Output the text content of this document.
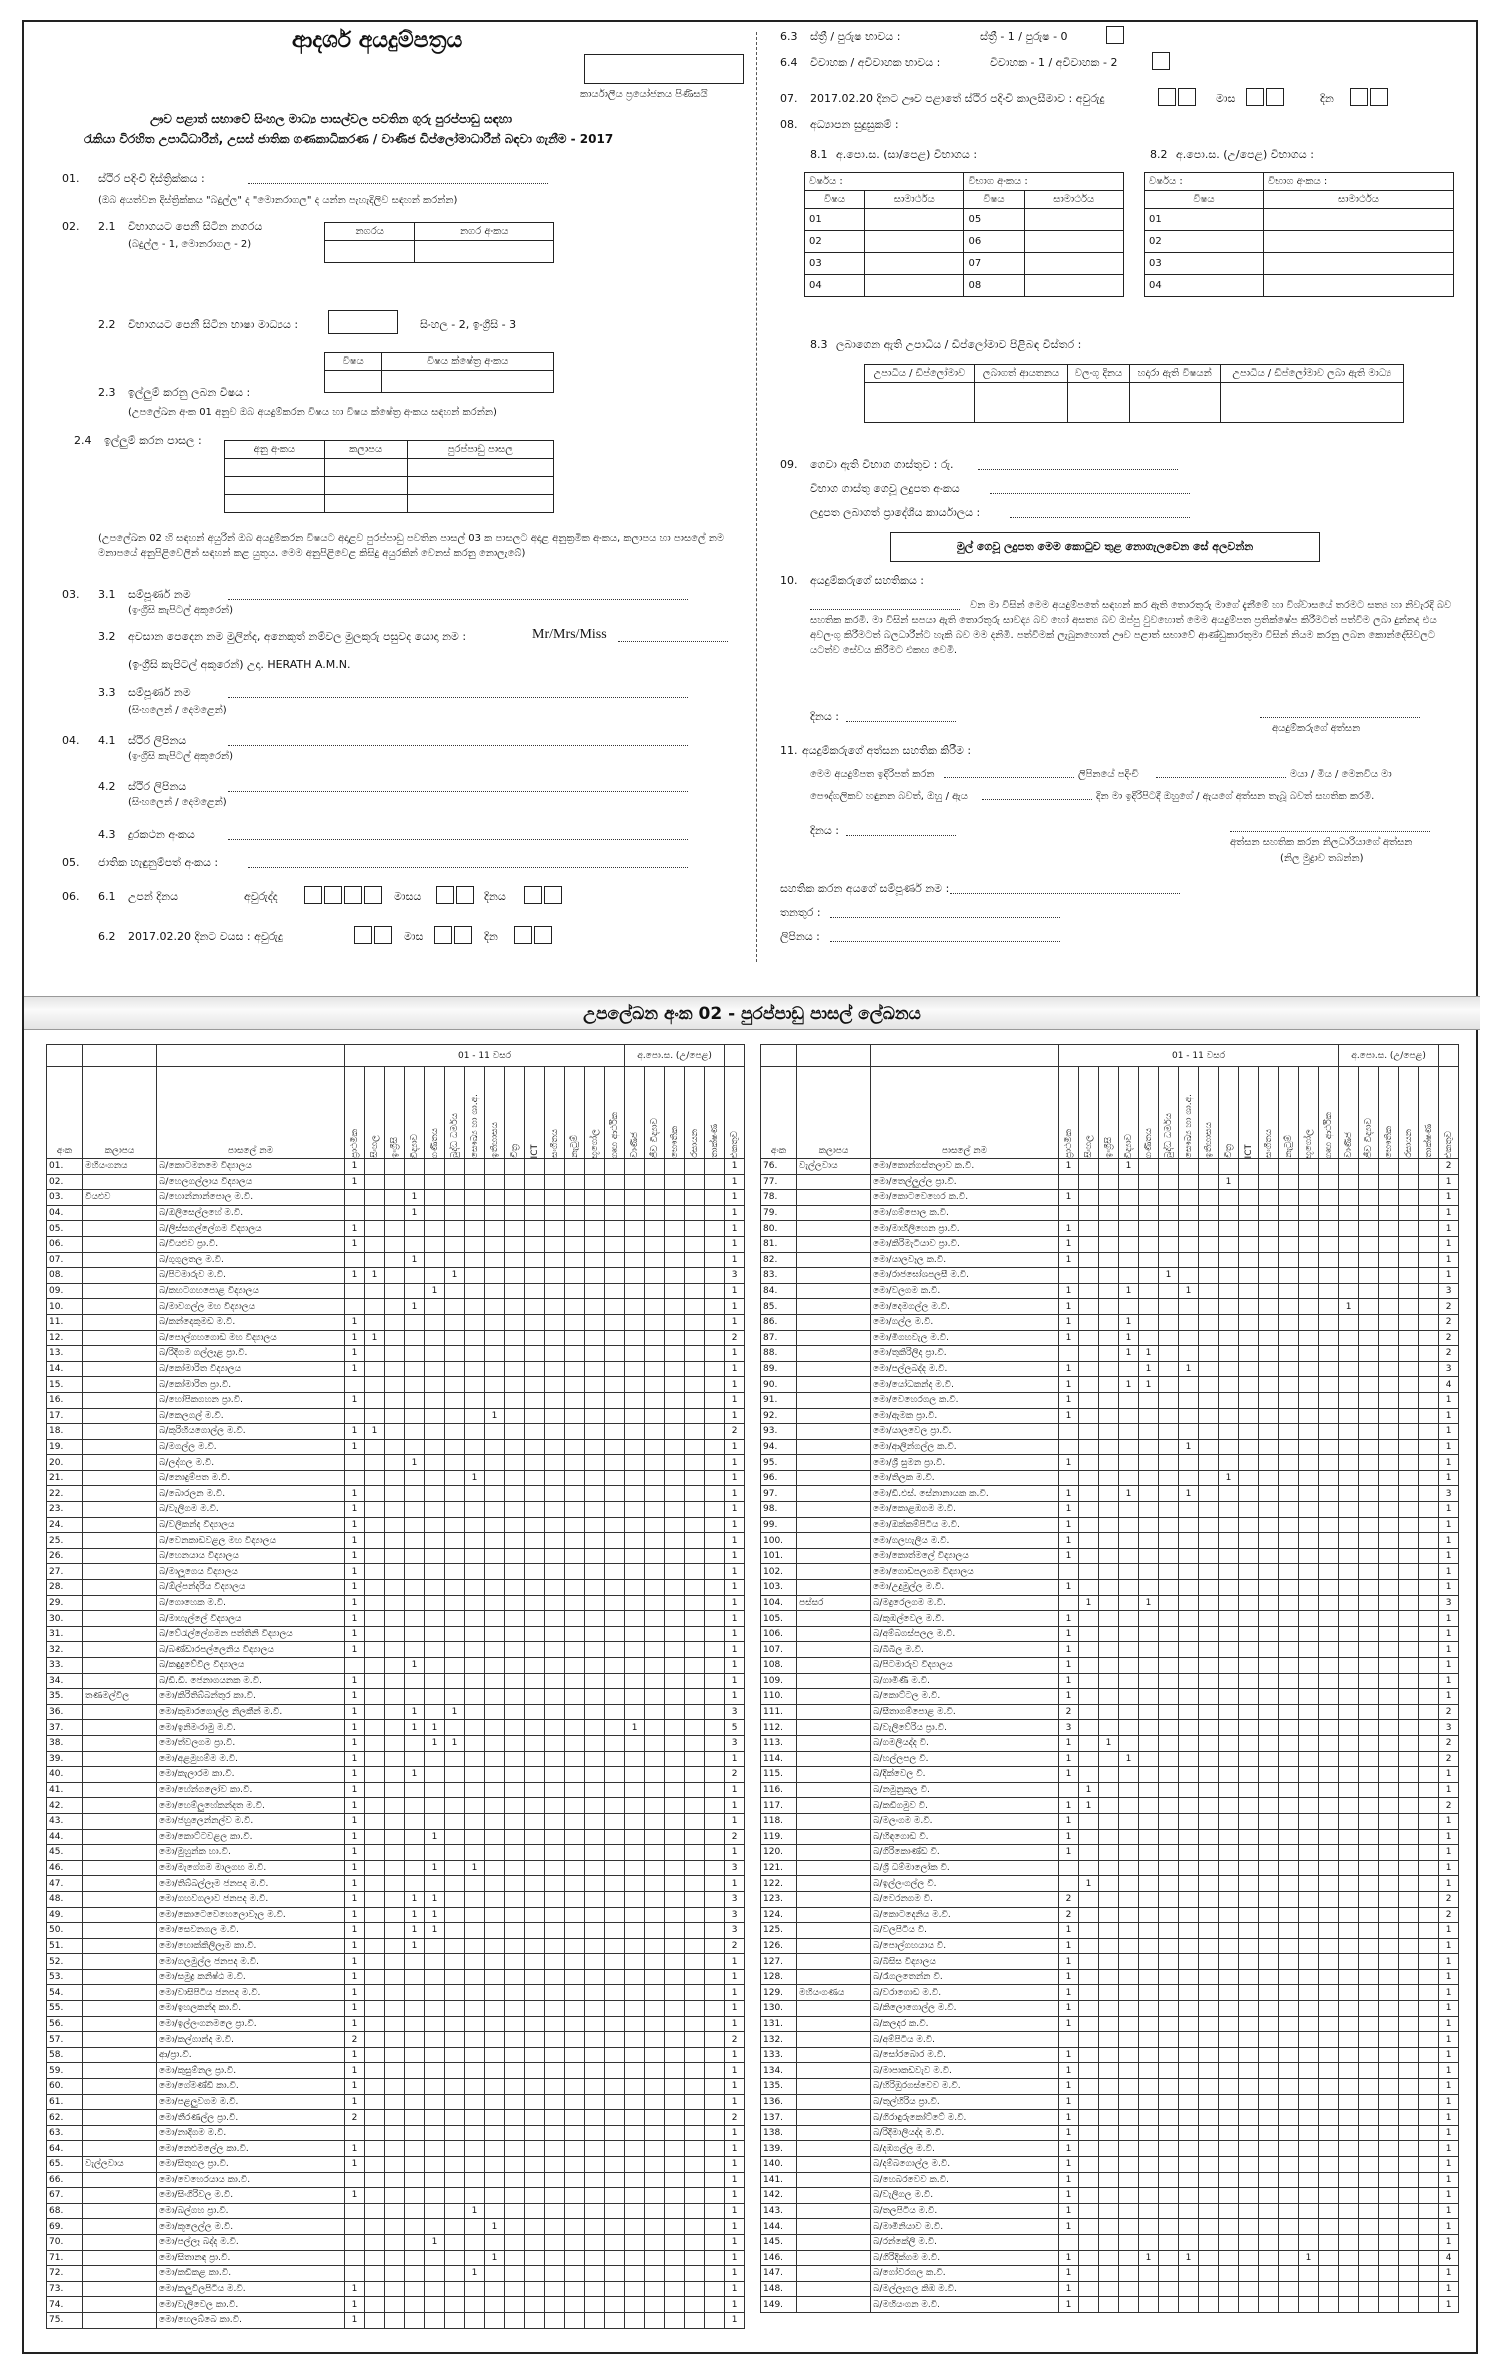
ආදර්ශ අයදුම්පත්‍රය
කාර්යාලීය ප්‍රයෝජනය පිණිසයි
ඌව පළාත් සභාවේ සිංහල මාධ්‍ය පාසල්වල පවතින ගුරු පුරප්පාඩු සඳහා
රැකියා විරහිත උපාධිධාරීන්, උසස් ජාතික ගණකාධිකරණ / වාණිජ ඩිප්ලෝමාධාරීන් බඳවා ගැනීම - 2017
01. ස්ථිර පදිංචි දිස්ත්‍රික්කය :
(ඔබ අයත්වන දිස්ත්‍රික්කය "බදුල්ල" ද "මොනරාගල" ද යන්න පැහැදිලිව සඳහන් කරන්න)
02. 2.1 විභාගයට පෙනී සිටින නගරය
(බදුල්ල - 1, මොනරාගල - 2)
නගරය	නගර අංකය

2.2 විභාගයට පෙනී සිටින භාෂා මාධ්‍යය :	සිංහල - 2, ඉංග්‍රීසි - 3
විෂය	විෂය ක්ෂේත්‍ර අංකය

2.3 ඉල්ලුම් කරනු ලබන විෂය :
(උපලේඛන අංක 01 අනුව ඔබ අයදුම්කරන විෂය හා විෂය ක්ෂේත්‍ර අංකය සඳහන් කරන්න)
2.4 ඉල්ලුම් කරන පාසල :
අනු අංකය	කලාපය	පුරප්පාඩු පාසල

(උපලේඛන 02 හි සඳහන් අයුරින් ඔබ අයදුම්කරන විෂයට අදාළව පුරප්පාඩු පවතින පාසල් 03 ක පාසලට අදාළ අනුක්‍රමික අංකය, කලාපය හා පාසලේ නම මනාපයේ අනුපිළිවෙලින් සඳහන් කළ යුතුය. මෙම අනුපිළිවෙළ කිසිදු අයුරකින් වෙනස් කරනු නොලැබේ)
03. 3.1 සම්පූර්ණ නම
(ඉංග්‍රීසි කැපිටල් අකුරෙන්)
3.2 අවසාන පෙදෙන නම මුලින්ද, අනෙකුත් නම්වල මුලකුරු පසුවද යොදා නම :	Mr/Mrs/Miss
(ඉංග්‍රීසි කැපිටල් අකුරෙන්) උදා. HERATH A.M.N.
3.3 සම්පූර්ණ නම
(සිංහලෙන් / දෙමළෙන්)
04. 4.1 ස්ථිර ලිපිනය
(ඉංග්‍රීසි කැපිටල් අකුරෙන්)
4.2 ස්ථිර ලිපිනය
(සිංහලෙන් / දෙමළෙන්)
4.3 දුරකථන අංකය
05. ජාතික හැඳුනුම්පත් අංකය :
06. 6.1 උපන් දිනය	අවුරුද්ද	මාසය	දිනය
6.2 2017.02.20 දිනට වයස : අවුරුදු	මාස	දින
6.3 ස්ත්‍රී / පුරුෂ භාවය :	ස්ත්‍රී - 1 / පුරුෂ - 0
6.4 විවාහක / අවිවාහක භාවය :	විවාහක - 1 / අවිවාහක - 2
07. 2017.02.20 දිනට ඌව පළාතේ ස්ථිර පදිංචි කාලසීමාව : අවුරුදු	මාස	දින
08. අධ්‍යාපන සුදුසුකම් :
8.1 අ.පො.ස. (සා/පෙළ) විභාගය :	8.2 අ.පො.ස. (උ/පෙළ) විභාගය :
වර්ෂය :		විභාග අංකය :	
විෂය	සාමාර්ථය	විෂය	සාමාර්ථය
01		05	
02		06	
03		07	
04		08	
වර්ෂය :	විභාග අංකය :
විෂය	සාමාර්ථය
01	
02	
03	
04	
8.3 ලබාගෙන ඇති උපාධිය / ඩිප්ලෝමාව පිළිබඳ විස්තර :
උපාධිය / ඩිප්ලෝමාව	ලබාගත් ආයතනය	වලංගු දිනය	හදාරා ඇති විෂයන්	උපාධිය / ඩිප්ලෝමාව ලබා ඇති මාධ්‍ය

09. ගෙවා ඇති විභාග ගාස්තුව : රු.
විභාග ගාස්තු ගෙවූ ලදුපත අංකය
ලදුපත ලබාගත් ප්‍රාදේශීය කාර්යාලය :
මුල් ගෙවූ ලදුපත මෙම කොටුව තුළ නොගැලවෙන සේ අලවන්න
10. අයදුම්කරුගේ සහතිකය :
වන මා විසින් මෙම අයදුම්පතේ සඳහන් කර ඇති තොරතුරු මාගේ දැනීමේ හා විශ්වාසයේ තරමට සත්‍ය හා නිවැරදි බව සහතික කරමි. මා විසින් සපයා ඇති තොරතුරු සාවද්‍ය බව හෝ අසත්‍ය බව ඔප්පු වුවහොත් මෙම අයදුම්පත ප්‍රතික්ෂේප කිරීමටත් පත්වීම ලබා දුන්නද එය අවලංගු කිරීමටත් බලධාරීන්ට හැකි බව මම දනිමි. පත්වීමක් ලැබුනහොත් ඌව පළාත් සභාවේ ආණ්ඩුකාරතුමා විසින් නියම කරනු ලබන කොන්දේසිවලට යටත්ව සේවය කිරීමට එකඟ වෙමි.
දිනය :
අයදුම්කරුගේ අත්සන
11. අයදුම්කරුගේ අත්සන සහතික කිරීම :
මෙම අයදුම්පත ඉදිරිපත් කරන	ලිපිනයේ පදිංචි	මයා / මිය / මෙනවිය මා
පෞද්ගලිකව හඳුනන බවත්, ඔහු / ඇය	දින මා ඉදිරිපිටදී ඔහුගේ / ඇයගේ අත්සන තැබූ බවත් සහතික කරමි.
දිනය :
අත්සන සහතික කරන නිලධාරියාගේ අත්සන
(නිල මුද්‍රාව තබන්න)
සහතික කරන අයගේ සම්පූර්ණ නම :
තනතුර :
ලිපිනය :
උපලේඛන අංක 02 - පුරප්පාඩු පාසල් ලේඛනය
			01 - 11 වසර														අ.පො.ස. (උ/පෙළ)					
අංක	කලාපය	පාසලේ නම	ප්‍රාථමික	සිංහල	ඉංග්‍රීසි	විද්‍යාව	ගණිතය	බුද්ධ ධර්මය	සෞඛ්‍ය හා ශා.අ.	ඉතිහාසය	චිත්‍ර	ICT	සංගීතය	නැටුම්	භූගෝල	ගෘහ ආර්ථික	වාණිජ	ජීව විද්‍යාව	භෞතික	රසායන	තාක්ෂණ	එකතුව

01.	මහියංගනය	බ/කොටමනමෙ විද්‍යාලය	1																			1
02.		බ/හෙලගල්ලාය විද්‍යාලය	1																			1
03.	වියළුව	බ/හොන්නාන්පොල ම.වි.				1																1
04.		බ/ඔලිසෙල්ලහේ ම.වි.				1																1
05.		බ/ලිස්සගල්ලේගම විද්‍යාලය	1																			1
06.		බ/වියළුව ප්‍රා.වි.	1																			1
07.		බ/ගුගුලතල ම.වි.				1																1
08.		බ/පිටමාරුව ම.වි.	1	1				1														3
09.		බ/කහටගහපොළ විද්‍යාලය					1															1
10.		බ/මාවගල්ල මහ විද්‍යාලය				1																1
11.		බ/කන්දෙකුමඩ ම.වි.	1																			1
12.		බ/පොල්ගහගොඩ මහ විද්‍යාලය	1	1																		2
13.		බ/රිදීගම ගල්ලෑළ ප්‍රා.වි.	1																			1
14.		බ/කෝමාරිත විද්‍යාලය	1																			1
15.		බ/කෝමාරිත ප්‍රා.වි.																				1
16.		බ/හෝපිකගහන ප්‍රා.වි.	1																			1
17.		බ/කෙලගල් ම.වි.								1												1
18.		බ/කුරිහියගොල්ල ම.වි.	1	1																		2
19.		බ/මගල්ල ම.වි.	1																			1
20.		බ/ලද්ගල ම.වි.				1																1
21.		බ/නොදුම්පත ම.වි.							1													1
22.		බ/බොරලන ම.වි.	1																			1
23.		බ/වැලිගම ම.වි.	1																			1
24.		බ/වලිකන්ද විද්‍යාලය	1																			1
25.		බ/වෙනකාඩවළල මහ විද්‍යාලය	1																			1
26.		බ/හෙනයාය විද්‍යාලය	1																			1
27.		බ/මාලූගෙය විද්‍යාලය	1																			1
28.		බ/ඕල්පන්දරිය විද්‍යාලය	1																			1
29.		බ/ගොහෙක ම.වි.	1																			1
30.		බ/මාහැල්ලේ විද්‍යාලය	1																			1
31.		බ/වේරැල්ලේගමන පත්තිනි විද්‍යාලය	1																			1
32.		බ/බණ්ඩාරපල්ලෙනිය විද්‍යාලය	1																			1
33.		බ/කඳුදුවේවිල විද්‍යාලය				1																1
34.		බ/ඩී.ඩී. ජෙනාගයනක ම.වි.	1																			1
35.	තණමල්විල	මො/කිරිතිබ්බන්තුර කා.වි.	1																			1
36.		මො/කුමාරගොල්ල නිලකීන් ම.වි.	1			1		1														3
37.		මො/ඉනිමංරාමු ම.වි.	1			1	1										1					5
38.		මො/ත්වලගම ප්‍රා.වි.	1				1	1														3
39.		මො/අළමුහම්ම ම.වි.	1																			1
40.		මො/කැලාරම කා.වි.	1			1																2
41.		මො/හේන්ගලෝව කා.වි.	1																			1
42.		මො/හෙම්ලුහේකන්දත ම.වි.	1																			1
43.		මො/ජහුලෙන්නල්ව ම.වි.	1																			1
44.		මො/කොට්ටවළල කා.වි.	1				1															2
45.		මො/මුහුන්ක හා.වි.	1																			1
46.		මො/මැගේගම මාලගහ ම.වි.	1				1		1													3
47.		මො/තිබ්බල්ලෑම ජනපද ම.වි.	1																			1
48.		මො/ගහවගලාව ජනපද ම.වි.	1			1	1															3
49.		මො/කොටෙවෙහෙලොවෑල ම.වි.	1			1	1															3
50.		මො/සෙවනගල ම.වි.	1			1	1															3
51.		මො/හොක්කිලිලෑම කා.වි.	1			1																2
52.		මො/ගලමුල්ල ජනපද ම.වි.	1																			1
53.		මො/සමුද්‍ර කනිෂ්ඨ ම.වි.	1																			1
54.		මො/වාසිපිටිය ජනපද ම.වි.	1																			1
55.		මො/ඉහලකන්ද කා.වි.	1																			1
56.		මො/ඉල්ලංගනමලෙ ප්‍රා.වි.	1																			1
57.		මො/කල්ගාන්ද ම.වි.	2																			2
58.		ආ/ප්‍රා.වි.	1																			1
59.		මො/කුසුම්නල ප්‍රා.වි.	1																			1
60.		මො/ගේමණ්ඩි කා.වි.	1																			1
61.		මො/පළලුවගම ම.වි.	1																			1
62.		මො/තීරණල්ල ප්‍රා.වි.	2																			2
63.		මො/නාදිගම ම.වි.																				1
64.		මො/නෙළුමලේල කා.වි.	1																			1
65.	වැල්ලවාය	මො/සිතුගල ප්‍රා.වි.	1																			1
66.		මො/වෙහෙරයාය කා.වි.																				1
67.		මො/සිංගිරිවල ම.වි.	1																			1
68.		මො/බල්ගහ ප්‍රා.වි.							1													1
69.		මො/කූලෙල්ල ම.වි.								1												1
70.		මො/පල්ලෑ බද්ද ම.වි.					1															1
71.		මො/සිතානඳ ප්‍රා.වි.								1												1
72.		මො/කඩිකළ කා.වි.							1													1
73.		මො/කලුවිලපිටිය ම.වි.	1																			1
74.		මො/වැලිවෙල කා.වි.	1																			1
75.		මො/හෙලබ්බෙ කා.වි.	1																			1
			01 - 11 වසර														අ.පො.ස. (උ/පෙළ)					
අංක	කලාපය	පාසලේ නම	ප්‍රාථමික	සිංහල	ඉංග්‍රීසි	විද්‍යාව	ගණිතය	බුද්ධ ධර්මය	සෞඛ්‍ය හා ශා.අ.	ඉතිහාසය	චිත්‍ර	ICT	සංගීතය	නැටුම්	භූගෝල	ගෘහ ආර්ථික	වාණිජ	ජීව විද්‍යාව	භෞතික	රසායන	තාක්ෂණ	එකතුව

76.	වැල්ලවාය	මො/කොන්ගස්තලාව ක.වි.	1			1																2
77.		මො/තෙල්ලුල්ල ප්‍රා.වි.									1											1
78.		මො/කොටවෙහෙර ක.වි.	1																			1
79.		මො/ගම්පොල ක.වි.																				1
80.		මො/මාහිලිහෙන ප්‍රා.වි.	1																			1
81.		මො/කිරිමැටියාව ප්‍රා.වි.	1																			1
82.		මො/යාලවෑල ක.වි.	1																			1
83.		මො/රාජඝෝශපලසී ම.වි.						1														1
84.		මො/වලගම ක.වි.	1			1			1													3
85.		මො/දෙමගල්ල ම.වි.	1														1					2
86.		මො/ගල්ල ම.වි.	1			1																2
87.		මො/මිගහවැල ම.වි.	1			1																2
88.		මො/තුකිරිලිද ප්‍රා.වි.				1	1															2
89.		මො/පල්ලබද්ද ම.වි.	1				1		1													3
90.		මො/යෝධකන්ද ම.වි.	1			1	1															4
91.		මො/වෙහෙරගල ක.වි.	1																			1
92.		මො/ඇමක ප්‍රා.වි.	1																			1
93.		මො/යාලවෙල ප්‍රා.වි.																				1
94.		මො/ආලින්ගල්ල ක.වි.							1													1
95.		මො/ශ්‍රී සුමන ප්‍රා.වි.	1																			1
96.		මො/තිලක ම.වි.									1											1
97.		මො/ඩී.එස්. සේනානායක ක.වි.	1			1			1													3
98.		මො/කොළඹගම ම.වි.	1																			1
99.		මො/ඔක්කම්පිටිය ම.වි.	1																			1
100.		මො/ගලහැලිය ම.වි.	1																			1
101.		මො/කොත්මලේ විද්‍යාලය	1																			1
102.		මො/ගොඩපලගම විද්‍යාලය																				1
103.		මො/උදුමුල්ල ම.වි.	1																			1
104.	පස්සර	බ/මදුරෙලගම ම.වි.		1			1															3
105.		බ/කුඹල්වෙල ම.වි.	1																			1
106.		බ/අම්බගස්පලල ම.වි.	1																			1
107.		බ/බිබිල ම.වි.	1																			1
108.		බ/පිටමාරුව විද්‍යාලය	1																			1
109.		බ/ගාමිණී ම.වි.	1																			1
110.		බ/කොට්ටල ම.වි.	1																			1
111.		බ/සීතාගම්පොළ ම.වි.	2																			2
112.		බ/වැලිවේරිය ප්‍රා.වි.	3																			3
113.		බ/ගමලියද්ද වි.	1		1																	2
114.		බ/හල්ලපල වි.	1			1																2
115.		බ/දික්වෙල වි.	1																			1
116.		බ/නමුනුකුල වි.		1																		1
117.		බ/කඩිගමුව වි.	1	1																		2
118.		බ/මලංගම ම.වි.	1																			1
119.		බ/හිඳගොඩ වි.	1																			1
120.		බ/ගිරිකොණ්ඩ වි.	1																			1
121.		බ/ශ්‍රී ධම්මාලෝක වි.																				1
122.		බ/ඉල්ලංගල්ල වි.		1																		1
123.		බ/වෙරනගම වි.	2																			2
124.		බ/කොටදෙනිය ම.වි.	2																			2
125.		බ/වලපිටිය වි.	1																			1
126.		බ/පොල්ගහයාය වි.	1																			1
127.		බ/බිසිස විද්‍යාලය	1																			1
128.		බ/රෑගලතෙන්න වි.	1																			1
129.	මහියංගණය	බ/වරාගොඩ ම.වි.	1																			1
130.		බ/කිලොගොල්ල ම.වි.	1																			1
131.		බ/කලදර ක.වි.	1																			1
132.		බ/අම්පිටිය ම.වි.																				1
133.		බ/සෝරබොර ම.වි.	1																			1
134.		බ/මාපාකඩවැව ම.වි.	1																			1
135.		බ/හිරිඹුරගස්වෙව ම.වි.	1																			1
136.		බ/තුල්හිරිය ප්‍රා.වි.	1																			1
137.		බ/ගිරාඳුරුකෝට්ටේ ම.වි.	1																			1
138.		බ/රිදීමාලියද්ද ම.වි.	1																			1
139.		බ/දඹගල්ල ම.වි.	1																			1
140.		බ/දම්බගොල්ල ම.වි.	1																			1
141.		බ/හෙබරවෙව ක.වි.	1																			1
142.		බ/වැලිගල ම.වි.	1																			1
143.		බ/තලපිටිය ම.වි.	1																			1
144.		බ/මාමිනියාව ම.වි.	1																			1
145.		බ/රන්කේලි ම.වි.																				1
146.		බ/ගිරිදික්ගම ම.වි.	1				1		1						1							4
147.		බ/ගෝවරගල ක.වි.	1																			1
148.		බ/මල්ලෑගල කිඹ ම.වි.	1																			1
149.		බ/මහියංගන ම.වි.	1																			1
